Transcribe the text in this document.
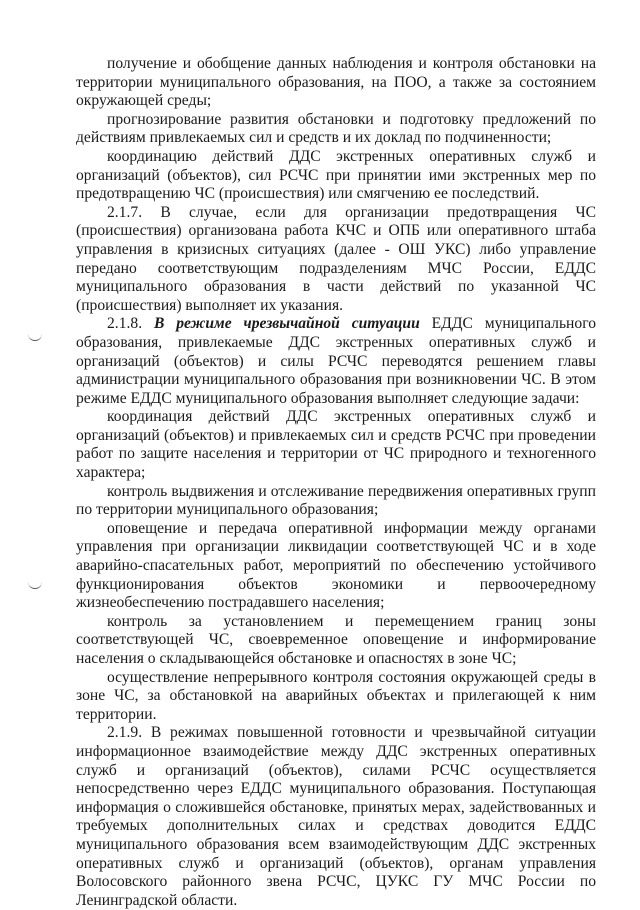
получение и обобщение данных наблюдения и контроля обстановки на территории муниципального образования, на ПОО, а также за состоянием окружающей среды;

прогнозирование развития обстановки и подготовку предложений по действиям привлекаемых сил и средств и их доклад по подчиненности;

координацию действий ДДС экстренных оперативных служб и организаций (объектов), сил РСЧС при принятии ими экстренных мер по предотвращению ЧС (происшествия) или смягчению ее последствий.

2.1.7. В случае, если для организации предотвращения ЧС (происшествия) организована работа КЧС и ОПБ или оперативного штаба управления в кризисных ситуациях (далее - ОШ УКС) либо управление передано соответствующим подразделениям МЧС России, ЕДДС муниципального образования в части действий по указанной ЧС (происшествия) выполняет их указания.

2.1.8. В режиме чрезвычайной ситуации ЕДДС муниципального образования, привлекаемые ДДС экстренных оперативных служб и организаций (объектов) и силы РСЧС переводятся решением главы администрации муниципального образования при возникновении ЧС. В этом режиме ЕДДС муниципального образования выполняет следующие задачи:

координация действий ДДС экстренных оперативных служб и организаций (объектов) и привлекаемых сил и средств РСЧС при проведении работ по защите населения и территории от ЧС природного и техногенного характера;

контроль выдвижения и отслеживание передвижения оперативных групп по территории муниципального образования;

оповещение и передача оперативной информации между органами управления при организации ликвидации соответствующей ЧС и в ходе аварийно-спасательных работ, мероприятий по обеспечению устойчивого функционирования объектов экономики и первоочередному жизнеобеспечению пострадавшего населения;

контроль за установлением и перемещением границ зоны соответствующей ЧС, своевременное оповещение и информирование населения о складывающейся обстановке и опасностях в зоне ЧС;

осуществление непрерывного контроля состояния окружающей среды в зоне ЧС, за обстановкой на аварийных объектах и прилегающей к ним территории.

2.1.9. В режимах повышенной готовности и чрезвычайной ситуации информационное взаимодействие между ДДС экстренных оперативных служб и организаций (объектов), силами РСЧС осуществляется непосредственно через ЕДДС муниципального образования. Поступающая информация о сложившейся обстановке, принятых мерах, задействованных и требуемых дополнительных силах и средствах доводится ЕДДС муниципального образования всем взаимодействующим ДДС экстренных оперативных служб и организаций (объектов), органам управления Волосовского районного звена РСЧС, ЦУКС ГУ МЧС России по Ленинградской области.
